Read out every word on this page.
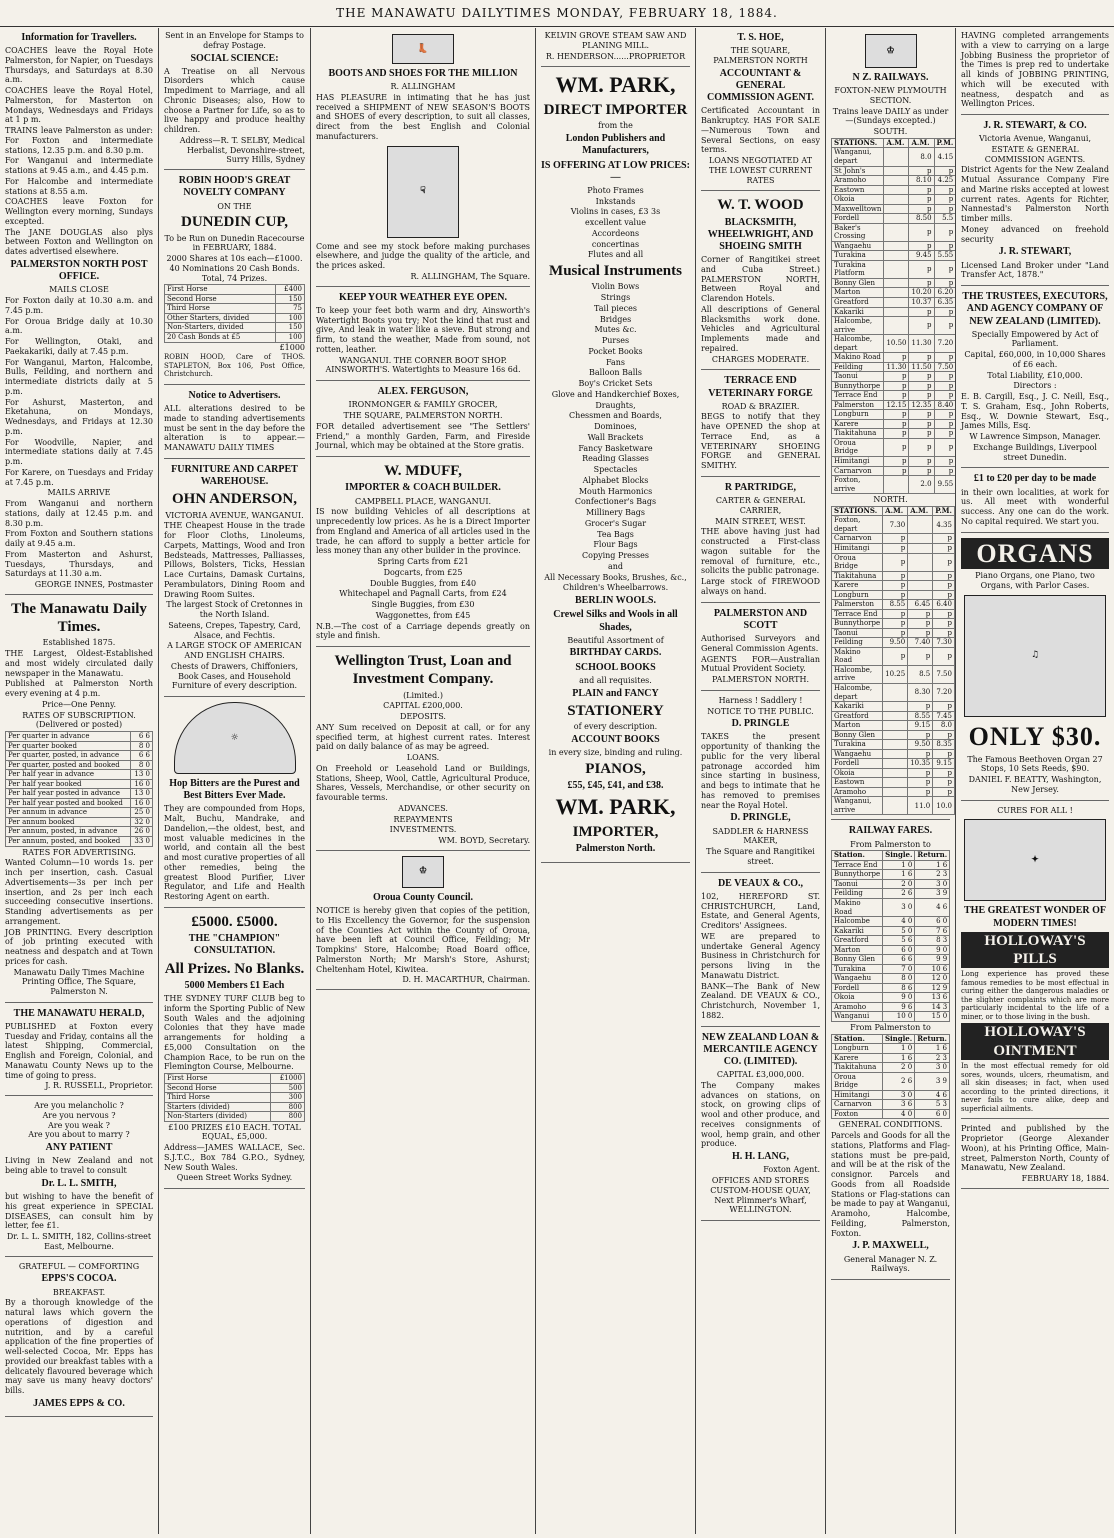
THE MANAWATU DAILYTIMES MONDAY, FEBRUARY 18, 1884.
Information for Travellers.
COACHES leave the Royal Hote Palmerston, for Napier, on Tuesdays Thursdays, and Saturdays at 8.30 a.m.
COACHES leave the Royal Hotel, Palmerston, for Masterton on Mondays, Wednesdays and Fridays at 1 p m.
TRAINS leave Palmerston as under: For Foxton and intermediate stations, 12.35 p.m. and 8.30 p.m.
For Wanganui and intermediate stations at 9.45 a.m., and 4.45 p.m.
For Halcombe and intermediate stations at 8.55 a.m.
COACHES leave Foxton for Wellington every morning, Sundays excepted.
The JANE DOUGLAS also plys between Foxton and Wellington on dates advertised elsewhere.
PALMERSTON NORTH POST OFFICE.
MAILS CLOSE
For Foxton daily at 10.30 a.m. and 7.45 p.m.
For Oroua Bridge daily at 10.30 a.m.
For Wellington, Otaki, and Paekakariki, daily at 7.45 p.m.
For Wanganui, Marton, Halcombe, Bulls, Feilding, and northern and intermediate districts daily at 5 p.m.
For Ashurst, Masterton, and Eketahuna, on Mondays, Wednesdays, and Fridays at 12.30 p.m.
For Woodville, Napier, and intermediate stations daily at 7.45 p.m.
For Karere, on Tuesdays and Friday at 7.45 p.m.
MAILS ARRIVE
From Wanganui and northern stations, daily at 12.45 p.m. and 8.30 p.m.
From Foxton and Southern stations daily at 9.45 a.m.
From Masterton and Ashurst, Tuesdays, Thursdays, and Saturdays at 11.30 a.m.
GEORGE INNES, Postmaster
The Manawatu Daily Times.
Established 1875.
THE Largest, Oldest-Established and most widely circulated daily newspaper in the Manawatu.
Published at Palmerston North every evening at 4 p.m.
Price—One Penny.
RATES OF SUBSCRIPTION. (Delivered or posted)
Per quarter in advance	6 6
Per quarter booked	8 0
Per quarter, posted, in advance	6 6
Per quarter, posted and booked	8 0
Per half year in advance	13 0
Per half year booked	16 0
Per half year posted in advance	13 0
Per half year posted and booked	16 0
Per annum in advance	25 0
Per annum booked	32 0
Per annum, posted, in advance	26 0
Per annum, posted, and booked	33 0
RATES FOR ADVERTISING.
Wanted Column—10 words 1s. per inch per insertion, cash. Casual Advertisements—3s per inch per insertion, and 2s per inch each succeeding consecutive insertions. Standing advertisements as per arrangement.
JOB PRINTING. Every description of job printing executed with neatness and despatch and at Town prices for cash.
Manawatu Daily Times Machine Printing Office, The Square, Palmerston N.
THE MANAWATU HERALD,
PUBLISHED at Foxton every Tuesday and Friday, contains all the latest Shipping, Commercial, English and Foreign, Colonial, and Manawatu County News up to the time of going to press.
J. R. RUSSELL, Proprietor.
Are you melancholic ?
Are you nervous ?
Are you weak ?
Are you about to marry ?
ANY PATIENT
Living in New Zealand and not being able to travel to consult
Dr. L. L. SMITH,
but wishing to have the benefit of his great experience in SPECIAL DISEASES, can consult him by letter, fee £1.
Dr. L. L. SMITH, 182, Collins-street East, Melbourne.
GRATEFUL — COMFORTING
EPPS'S COCOA.
BREAKFAST.
By a thorough knowledge of the natural laws which govern the operations of digestion and nutrition, and by a careful application of the fine properties of well-selected Cocoa, Mr. Epps has provided our breakfast tables with a delicately flavoured beverage which may save us many heavy doctors' bills.
JAMES EPPS & CO.
Sent in an Envelope for Stamps to defray Postage.
SOCIAL SCIENCE:
A Treatise on all Nervous Disorders which cause Impediment to Marriage, and all Chronic Diseases; also, How to choose a Partner for Life, so as to live happy and produce healthy children.
Address—R. T. SELBY, Medical Herbalist, Devonshire-street, Surry Hills, Sydney
ROBIN HOOD'S GREAT NOVELTY COMPANY
ON THE
DUNEDIN CUP,
To be Run on Dunedin Racecourse in FEBRUARY, 1884.
2000 Shares at 10s each—£1000. 40 Nominations 20 Cash Bonds. Total, 74 Prizes.
First Horse	£400
Second Horse	150
Third Horse	75
Other Starters, divided	100
Non-Starters, divided	150
20 Cash Bonds at £5	100
£1000
ROBIN HOOD, Care of THOS. STAPLETON, Box 106, Post Office, Christchurch.
Notice to Advertisers.
ALL alterations desired to be made to standing advertisements must be sent in the day before the alteration is to appear.—MANAWATU DAILY TIMES
FURNITURE AND CARPET WAREHOUSE.
OHN ANDERSON,
VICTORIA AVENUE, WANGANUI.
THE Cheapest House in the trade for Floor Cloths, Linoleums, Carpets, Mattings, Wood and Iron Bedsteads, Mattresses, Palliasses, Pillows, Bolsters, Ticks, Hessian Lace Curtains, Damask Curtains, Perambulators, Dining Room and Drawing Room Suites.
The largest Stock of Cretonnes in the North Island.
Sateens, Crepes, Tapestry, Card, Alsace, and Fechtis.
A LARGE STOCK OF AMERICAN AND ENGLISH CHAIRS.
Chests of Drawers, Chiffoniers, Book Cases, and Household Furniture of every description.
☼
Hop Bitters are the Purest and Best Bitters Ever Made.
They are compounded from Hops, Malt, Buchu, Mandrake, and Dandelion,—the oldest, best, and most valuable medicines in the world, and contain all the best and most curative properties of all other remedies, being the greatest Blood Purifier, Liver Regulator, and Life and Health Restoring Agent on earth.
£5000. £5000.
THE "CHAMPION" CONSULTATION.
All Prizes. No Blanks.
5000 Members £1 Each
THE SYDNEY TURF CLUB beg to inform the Sporting Public of New South Wales and the adjoining Colonies that they have made arrangements for holding a £5,000 Consultation on the Champion Race, to be run on the Flemington Course, Melbourne.
First Horse	£1000
Second Horse	500
Third Horse	300
Starters (divided)	800
Non-Starters (divided)	800
£100 PRIZES £10 EACH. TOTAL EQUAL, £5,000.
Address—JAMES WALLACE, Sec. S.J.T.C., Box 784 G.P.O., Sydney, New South Wales.
Queen Street Works Sydney.
👢
BOOTS AND SHOES FOR THE MILLION
R. ALLINGHAM
HAS PLEASURE in intimating that he has just received a SHIPMENT of NEW SEASON'S BOOTS and SHOES of every description, to suit all classes, direct from the best English and Colonial manufacturers.
☟
Come and see my stock before making purchases elsewhere, and judge the quality of the article, and the prices asked.
R. ALLINGHAM, The Square.
KEEP YOUR WEATHER EYE OPEN.
To keep your feet both warm and dry, Ainsworth's Watertight Boots you try; Not the kind that rust and give, And leak in water like a sieve. But strong and firm, to stand the weather, Made from sound, not rotten, leather.
WANGANUI. THE CORNER BOOT SHOP. AINSWORTH'S. Watertights to Measure 16s 6d.
ALEX. FERGUSON,
IRONMONGER & FAMILY GROCER,
THE SQUARE, PALMERSTON NORTH.
FOR detailed advertisement see "The Settlers' Friend," a monthly Garden, Farm, and Fireside Journal, which may be obtained at the Store gratis.
W. MDUFF,
IMPORTER & COACH BUILDER.
CAMPBELL PLACE, WANGANUI.
IS now building Vehicles of all descriptions at unprecedently low prices. As he is a Direct Importer from England and America of all articles used in the trade, he can afford to supply a better article for less money than any other builder in the province.
Spring Carts from £21
Dogcarts, from £25
Double Buggies, from £40
Whitechapel and Pagnall Carts, from £24
Single Buggies, from £30
Waggonettes, from £45
N.B.—The cost of a Carriage depends greatly on style and finish.
Wellington Trust, Loan and Investment Company.
(Limited.)
CAPITAL £200,000.
DEPOSITS.
ANY Sum received on Deposit at call, or for any specified term, at highest current rates. Interest paid on daily balance of as may be agreed.
LOANS.
On Freehold or Leasehold Land or Buildings, Stations, Sheep, Wool, Cattle, Agricultural Produce, Shares, Vessels, Merchandise, or other security on favourable terms.
ADVANCES.
REPAYMENTS
INVESTMENTS.
WM. BOYD, Secretary.
♔
Oroua County Council.
NOTICE is hereby given that copies of the petition, to His Excellency the Governor, for the suspension of the Counties Act within the County of Oroua, have been left at Council Office, Feilding; Mr Tompkins' Store, Halcombe; Road Board office, Palmerston North; Mr Marsh's Store, Ashurst; Cheltenham Hotel, Kiwitea.
D. H. MACARTHUR, Chairman.
KELVIN GROVE STEAM SAW AND PLANING MILL.
R. HENDERSON......PROPRIETOR
WM. PARK,
DIRECT IMPORTER
from the
London Publishers and Manufacturers,
IS OFFERING AT LOW PRICES:—
Photo Frames
Inkstands
Violins in cases, £3 3s
excellent value
Accordeons
concertinas
Flutes and all
Musical Instruments
Violin Bows
Strings
Tail pieces
Bridges
Mutes &c.
Purses
Pocket Books
Fans
Balloon Balls
Boy's Cricket Sets
Glove and Handkerchief Boxes,
Draughts,
Chessmen and Boards,
Dominoes,
Wall Brackets
Fancy Basketware
Reading Glasses
Spectacles
Alphabet Blocks
Mouth Harmonics
Confectioner's Bags
Millinery Bags
Grocer's Sugar
Tea Bags
Flour Bags
Copying Presses
and
All Necessary Books, Brushes, &c.,
Children's Wheelbarrows.
BERLIN WOOLS.
Crewel Silks and Wools in all Shades,
Beautiful Assortment of
BIRTHDAY CARDS.
SCHOOL BOOKS
and all requisites.
PLAIN and FANCY
STATIONERY
of every description.
ACCOUNT BOOKS
in every size, binding and ruling.
PIANOS,
£55, £45, £41, and £38.
WM. PARK,
IMPORTER,
Palmerston North.
T. S. HOE,
THE SQUARE, PALMERSTON NORTH
ACCOUNTANT & GENERAL COMMISSION AGENT.
Certificated Accountant in Bankruptcy. HAS FOR SALE—Numerous Town and Several Sections, on easy terms.
LOANS NEGOTIATED AT THE LOWEST CURRENT RATES
W. T. WOOD
BLACKSMITH, WHEELWRIGHT, AND SHOEING SMITH
Corner of Rangitikei street and Cuba Street.) PALMERSTON NORTH, Between Royal and Clarendon Hotels.
All descriptions of General Blacksmiths work done. Vehicles and Agricultural Implements made and repaired.
CHARGES MODERATE.
TERRACE END VETERINARY FORGE
ROAD & BRAZIER.
BEGS to notify that they have OPENED the shop at Terrace End, as a VETERINARY SHOEING FORGE and GENERAL SMITHY.
R PARTRIDGE,
CARTER & GENERAL CARRIER,
MAIN STREET, WEST.
THE above having just had constructed a First-class wagon suitable for the removal of furniture, etc., solicits the public patronage.
Large stock of FIREWOOD always on hand.
PALMERSTON AND SCOTT
Authorised Surveyors and General Commission Agents.
AGENTS FOR—Australian Mutual Provident Society.
PALMERSTON NORTH.
Harness ! Saddlery !
NOTICE TO THE PUBLIC.
D. PRINGLE
TAKES the present opportunity of thanking the public for the very liberal patronage accorded him since starting in business, and begs to intimate that he has removed to premises near the Royal Hotel.
D. PRINGLE,
SADDLER & HARNESS MAKER,
The Square and Rangitikei street.
DE VEAUX & CO.,
102, HEREFORD ST. CHRISTCHURCH, Land, Estate, and General Agents, Creditors' Assignees.
WE are prepared to undertake General Agency Business in Christchurch for persons living in the Manawatu District.
BANK—The Bank of New Zealand. DE VEAUX & CO., Christchurch, November 1, 1882.
NEW ZEALAND LOAN & MERCANTILE AGENCY CO. (LIMITED).
CAPITAL £3,000,000.
The Company makes advances on stations, on stock, on growing clips of wool and other produce, and receives consignments of wool, hemp grain, and other produce.
H. H. LANG,
Foxton Agent.
OFFICES AND STORES CUSTOM-HOUSE QUAY, Next Plimmer's Wharf, WELLINGTON.
♔
N Z. RAILWAYS.
FOXTON-NEW PLYMOUTH SECTION.
Trains leave DAILY as under—(Sundays excepted.)
SOUTH.
STATIONS.	A.M.	A.M.	P.M.
Wanganui, depart		8.0	4.15
St John's		p	p
Aramoho		8.10	4.25
Eastown		p	p
Okoia		p	p
Maxwelltown		p	p
Fordell		8.50	5.5
Baker's Crossing		p	p
Wangaehu		p	p
Turakina		9.45	5.55
Turakina Platform		p	p
Bonny Glen		p	p
Marton		10.20	6.20
Greatford		10.37	6.35
Kakariki		p	p
Halcombe, arrive		p	p
Halcombe, depart	10.50	11.30	7.20
Makino Road	p	p	p
Feilding	11.30	11.50	7.50
Taonui	p	p	p
Bunnythorpe	p	p	p
Terrace End	p	p	p
Palmerston	12.15	12.35	8.40
Longburn	p	p	p
Karere	p	p	p
Tiakitahuna	p	p	p
Oroua Bridge	p	p	p
Himitangi	p	p	p
Carnarvon	p	p	p
Foxton, arrive		2.0	9.55
NORTH.
STATIONS.	A.M.	A.M.	P.M.
Foxton, depart	7.30		4.35
Carnarvon	p		p
Himitangi	p		p
Oroua Bridge	p		p
Tiakitahuna	p		p
Karere	p		p
Longburn	p		p
Palmerston	8.55	6.45	6.40
Terrace End	p	p	p
Bunnythorpe	p	p	p
Taonui	p	p	p
Feilding	9.50	7.40	7.30
Makino Road	p	p	p
Halcombe, arrive	10.25	8.5	7.50
Halcombe, depart		8.30	7.20
Kakariki		p	p
Greatford		8.55	7.45
Marton		9.15	8.0
Bonny Glen		p	p
Turakina		9.50	8.35
Wangaehu		p	p
Fordell		10.35	9.15
Okoia		p	p
Eastown		p	p
Aramoho		p	p
Wanganui, arrive		11.0	10.0
RAILWAY FARES.
From Palmerston to
Station.	Single.	Return.
Terrace End	1 0	1 6
Bunnythorpe	1 6	2 3
Taonui	2 0	3 0
Feilding	2 6	3 9
Makino Road	3 0	4 6
Halcombe	4 0	6 0
Kakariki	5 0	7 6
Greatford	5 6	8 3
Marton	6 0	9 0
Bonny Glen	6 6	9 9
Turakina	7 0	10 6
Wangaehu	8 0	12 0
Fordell	8 6	12 9
Okoia	9 0	13 6
Aramoho	9 6	14 3
Wanganui	10 0	15 0
From Palmerston to
Station.	Single.	Return.
Longburn	1 0	1 6
Karere	1 6	2 3
Tiakitahuna	2 0	3 0
Oroua Bridge	2 6	3 9
Himitangi	3 0	4 6
Carnarvon	3 6	5 3
Foxton	4 0	6 0
GENERAL CONDITIONS.
Parcels and Goods for all the stations, Platforms and Flag-stations must be pre-paid, and will be at the risk of the consignor. Parcels and Goods from all Roadside Stations or Flag-stations can be made to pay at Wanganui, Aramoho, Halcombe, Feilding, Palmerston, Foxton.
J. P. MAXWELL,
General Manager N. Z. Railways.
HAVING completed arrangements with a view to carrying on a large Jobbing Business the proprietor of the Times is prep red to undertake all kinds of JOBBING PRINTING, which will be executed with neatness, despatch and as Wellington Prices.
J. R. STEWART, & CO.
Victoria Avenue, Wanganui,
ESTATE & GENERAL COMMISSION AGENTS.
District Agents for the New Zealand Mutual Assurance Company Fire and Marine risks accepted at lowest current rates. Agents for Richter, Nannestad's Palmerston North timber mills.
Money advanced on freehold security
J. R. STEWART,
Licensed Land Broker under "Land Transfer Act, 1878."
THE TRUSTEES, EXECUTORS, AND AGENCY COMPANY OF NEW ZEALAND (LIMITED).
Specially Empowered by Act of Parliament.
Capital, £60,000, in 10,000 Shares of £6 each.
Total Liability, £10,000.
Directors :
E. B. Cargill, Esq., J. C. Neill, Esq., T. S. Graham, Esq., John Roberts, Esq., W. Downie Stewart, Esq., James Mills, Esq.
W Lawrence Simpson, Manager.
Exchange Buildings, Liverpool street Dunedin.
£1 to £20 per day to be made
in their own localities, at work for us. All meet with wonderful success. Any one can do the work. No capital required. We start you.
ORGANS
Piano Organs, one Piano, two Organs, with Parlor Cases.
♫
ONLY $30.
The Famous Beethoven Organ 27 Stops, 10 Sets Reeds, $90.
DANIEL F. BEATTY, Washington, New Jersey.
CURES FOR ALL !
✦
THE GREATEST WONDER OF MODERN TIMES!
HOLLOWAY'S PILLS
Long experience has proved these famous remedies to be most effectual in curing either the dangerous maladies or the slighter complaints which are more particularly incidental to the life of a miner, or to those living in the bush.
HOLLOWAY'S OINTMENT
In the most effectual remedy for old sores, wounds, ulcers, rheumatism, and all skin diseases; in fact, when used according to the printed directions, it never fails to cure alike, deep and superficial ailments.
Printed and published by the Proprietor (George Alexander Woon), at his Printing Office, Main-street, Palmerston North, County of Manawatu, New Zealand.
FEBRUARY 18, 1884.
